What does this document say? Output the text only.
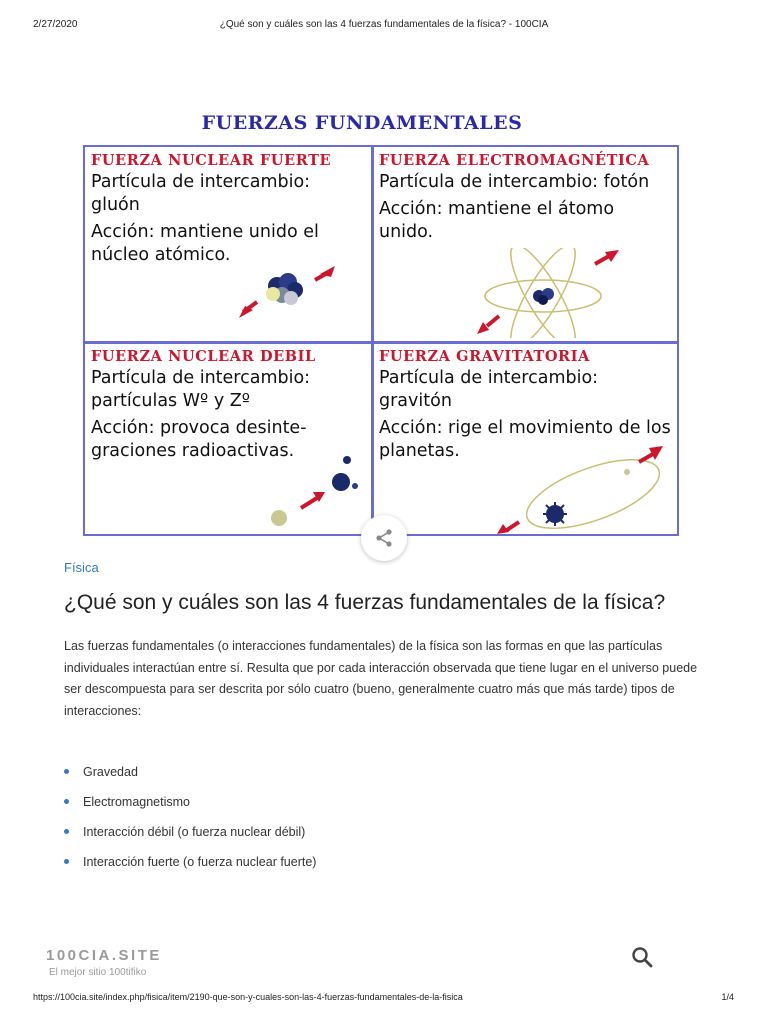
2/27/2020	¿Qué son y cuáles son las 4 fuerzas fundamentales de la física? - 100CIA
FUERZAS FUNDAMENTALES
FUERZA NUCLEAR FUERTE

Partícula de intercambio: gluón

Acción: mantiene unido el núcleo atómico.

FUERZA ELECTROMAGNÉTICA

Partícula de intercambio: fotón

Acción: mantiene el átomo unido.

FUERZA NUCLEAR DEBIL

Partícula de intercambio: partículas Wº y Zº

Acción: provoca desinte-graciones radioactivas.

FUERZA GRAVITATORIA

Partícula de intercambio: gravitón

Acción: rige el movimiento de los planetas.

Física
¿Qué son y cuáles son las 4 fuerzas fundamentales de la física?

Las fuerzas fundamentales (o interacciones fundamentales) de la física son las formas en que las partículas individuales interactúan entre sí. Resulta que por cada interacción observada que tiene lugar en el universo puede ser descompuesta para ser descrita por sólo cuatro (bueno, generalmente cuatro más que más tarde) tipos de interacciones:

Gravedad
Electromagnetismo
Interacción débil (o fuerza nuclear débil)
Interacción fuerte (o fuerza nuclear fuerte)
100CIA.SITE
El mejor sitio 100tifiko
https://100cia.site/index.php/fisica/item/2190-que-son-y-cuales-son-las-4-fuerzas-fundamentales-de-la-fisica	1/4
